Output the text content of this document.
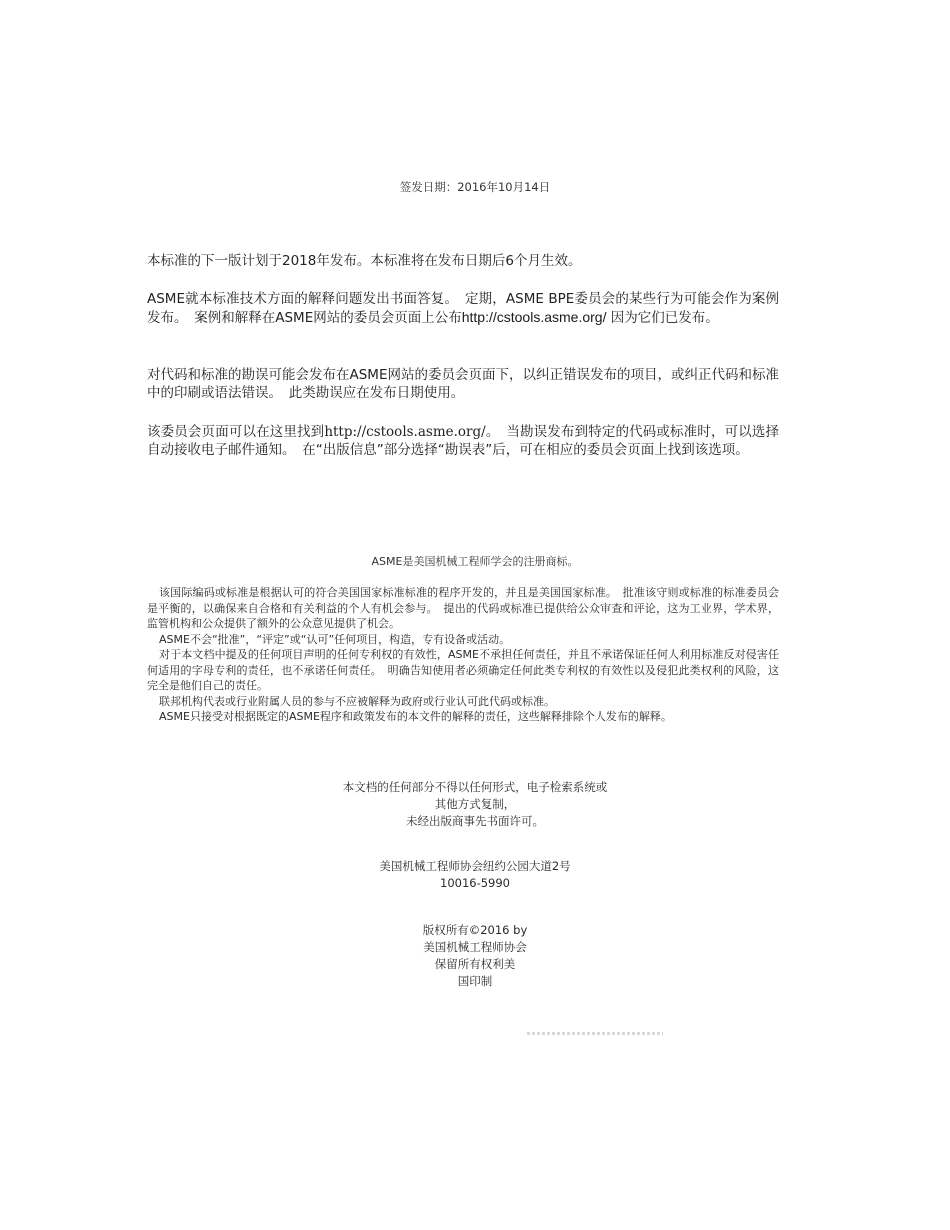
签发日期：2016年10月14日

本标准的下一版计划于2018年发布。本标准将在发布日期后6个月生效。

ASME就本标准技术方面的解释问题发出书面答复。　定期，ASME BPE委员会的某些行为可能会作为案例发布。　案例和解释在ASME网站的委员会页面上公布http://cstools.asme.org/ 因为它们已发布。

对代码和标准的勘误可能会发布在ASME网站的委员会页面下，以纠正错误发布的项目，或纠正代码和标准中的印刷或语法错误。　此类勘误应在发布日期使用。

该委员会页面可以在这里找到http://cstools.asme.org/。　当勘误发布到特定的代码或标准时，可以选择自动接收电子邮件通知。　在“出版信息”部分选择“勘误表”后，可在相应的委员会页面上找到该选项。

ASME是美国机械工程师学会的注册商标。

该国际编码或标准是根据认可的符合美国国家标准标准的程序开发的，并且是美国国家标准。　批准该守则或标准的标准委员会是平衡的，以确保来自合格和有关利益的个人有机会参与。　提出的代码或标准已提供给公众审查和评论，这为工业界，学术界，监管机构和公众提供了额外的公众意见提供了机会。

ASME不会“批准”，“评定”或“认可”任何项目，构造，专有设备或活动。

对于本文档中提及的任何项目声明的任何专利权的有效性，ASME不承担任何责任，并且不承诺保证任何人利用标准反对侵害任何适用的字母专利的责任，也不承诺任何责任。　明确告知使用者必须确定任何此类专利权的有效性以及侵犯此类权利的风险，这完全是他们自己的责任。

联邦机构代表或行业附属人员的参与不应被解释为政府或行业认可此代码或标准。

ASME只接受对根据既定的ASME程序和政策发布的本文件的解释的责任，这些解释排除个人发布的解释。

本文档的任何部分不得以任何形式，电子检索系统或
其他方式复制，
未经出版商事先书面许可。
美国机械工程师协会纽约公园大道2号
10016-5990
版权所有©2016 by
美国机械工程师协会
保留所有权利美
国印制
